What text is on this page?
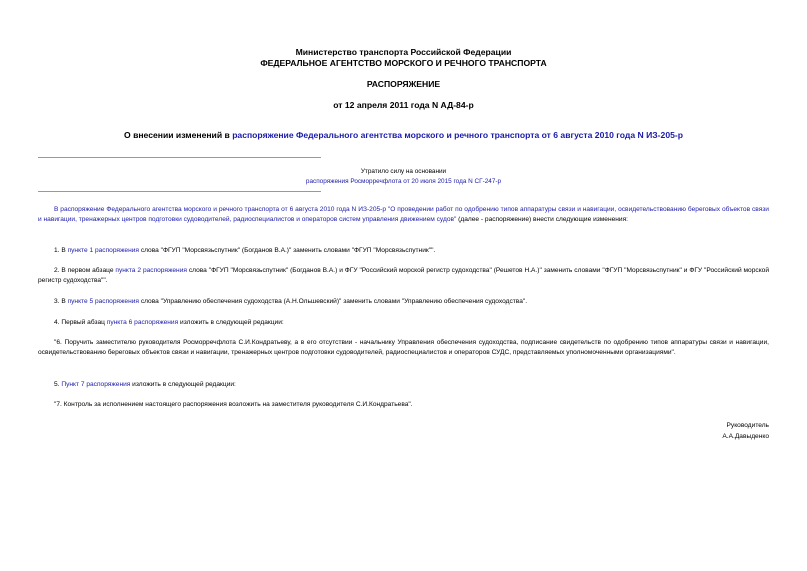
Министерство транспорта Российской Федерации
ФЕДЕРАЛЬНОЕ АГЕНТСТВО МОРСКОГО И РЕЧНОГО ТРАНСПОРТА
РАСПОРЯЖЕНИЕ
от 12 апреля 2011 года N АД-84-р
О внесении изменений в распоряжение Федерального агентства морского и речного транспорта от 6 августа 2010 года N ИЗ-205-р
Утратило силу на основании
распоряжения Росморречфлота от 20 июля 2015 года N СГ-247-р
В распоряжение Федерального агентства морского и речного транспорта от 6 августа 2010 года N ИЗ-205-р "О проведении работ по одобрению типов аппаратуры связи и навигации, освидетельствованию береговых объектов связи и навигации, тренажерных центров подготовки судоводителей, радиоспециалистов и операторов систем управления движением судов" (далее - распоряжение) внести следующие изменения:
1. В пункте 1 распоряжения слова "ФГУП "Морсвязьспутник" (Богданов В.А.)" заменить словами "ФГУП "Морсвязьспутник"".
2. В первом абзаце пункта 2 распоряжения слова "ФГУП "Морсвязьспутник" (Богданов В.А.) и ФГУ "Российский морской регистр судоходства" (Решетов Н.А.)" заменить словами "ФГУП "Морсвязьспутник" и ФГУ "Российский морской регистр судоходства"".
3. В пункте 5 распоряжения слова "Управлению обеспечения судоходства (А.Н.Ольшевский)" заменить словами "Управлению обеспечения судоходства".
4. Первый абзац пункта 6 распоряжения изложить в следующей редакции:
"6. Поручить заместителю руководителя Росморречфлота С.И.Кондратьеву, а в его отсутствии - начальнику Управления обеспечения судоходства, подписание свидетельств по одобрению типов аппаратуры связи и навигации, освидетельствованию береговых объектов связи и навигации, тренажерных центров подготовки судоводителей, радиоспециалистов и операторов СУДС, представляемых уполномоченными организациями".
5. Пункт 7 распоряжения изложить в следующей редакции:
"7. Контроль за исполнением настоящего распоряжения возложить на заместителя руководителя С.И.Кондратьева".
Руководитель
А.А.Давыденко
